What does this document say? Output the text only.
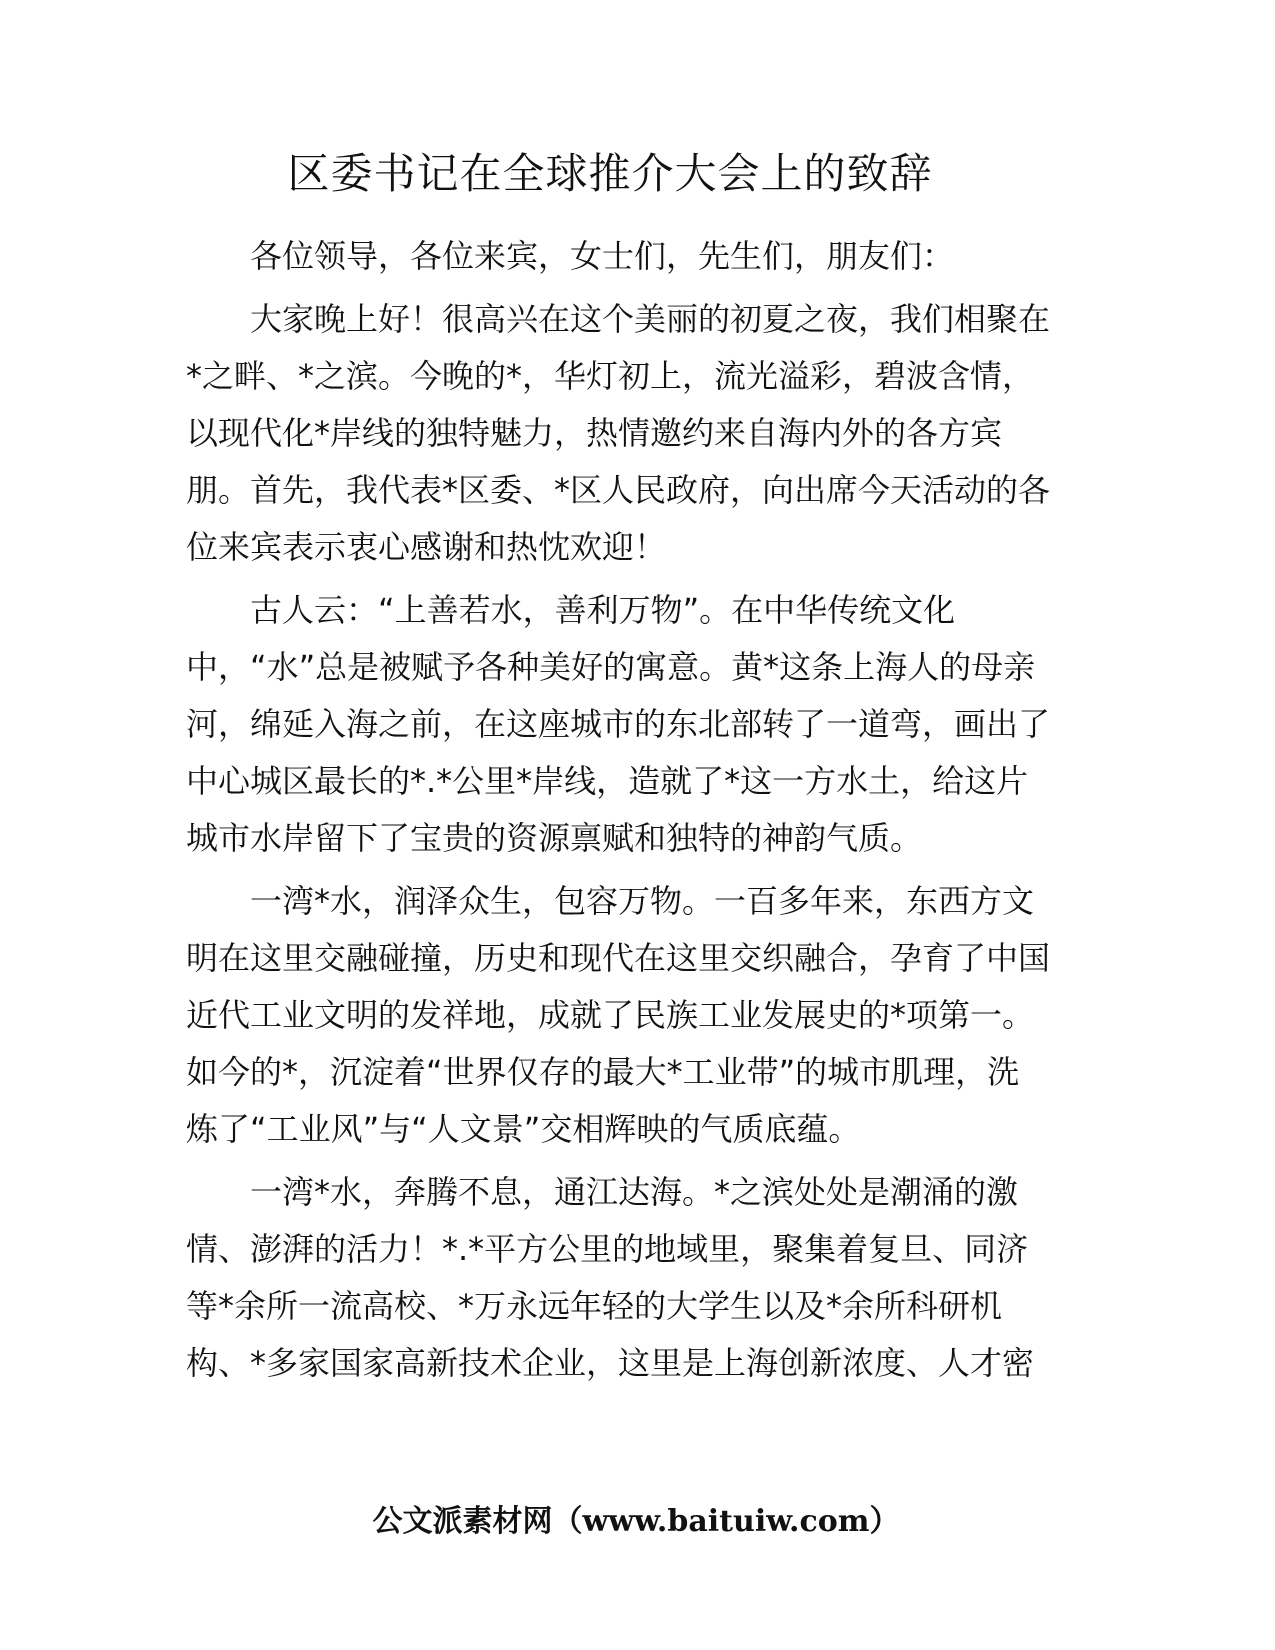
区委书记在全球推介大会上的致辞
各位领导，各位来宾，女士们，先生们，朋友们：
大家晚上好！很高兴在这个美丽的初夏之夜，我们相聚在
*之畔、*之滨。今晚的*，华灯初上，流光溢彩，碧波含情，
以现代化*岸线的独特魅力，热情邀约来自海内外的各方宾
朋。首先，我代表*区委、*区人民政府，向出席今天活动的各
位来宾表示衷心感谢和热忱欢迎！
古人云：“上善若水，善利万物”。在中华传统文化
中，“水”总是被赋予各种美好的寓意。黄*这条上海人的母亲
河，绵延入海之前，在这座城市的东北部转了一道弯，画出了
中心城区最长的*.*公里*岸线，造就了*这一方水土，给这片
城市水岸留下了宝贵的资源禀赋和独特的神韵气质。
一湾*水，润泽众生，包容万物。一百多年来，东西方文
明在这里交融碰撞，历史和现代在这里交织融合，孕育了中国
近代工业文明的发祥地，成就了民族工业发展史的*项第一。
如今的*，沉淀着“世界仅存的最大*工业带”的城市肌理，洗
炼了“工业风”与“人文景”交相辉映的气质底蕴。
一湾*水，奔腾不息，通江达海。*之滨处处是潮涌的激
情、澎湃的活力！*.*平方公里的地域里，聚集着复旦、同济
等*余所一流高校、*万永远年轻的大学生以及*余所科研机
构、*多家国家高新技术企业，这里是上海创新浓度、人才密
公文派素材网（www.baituiw.com）
